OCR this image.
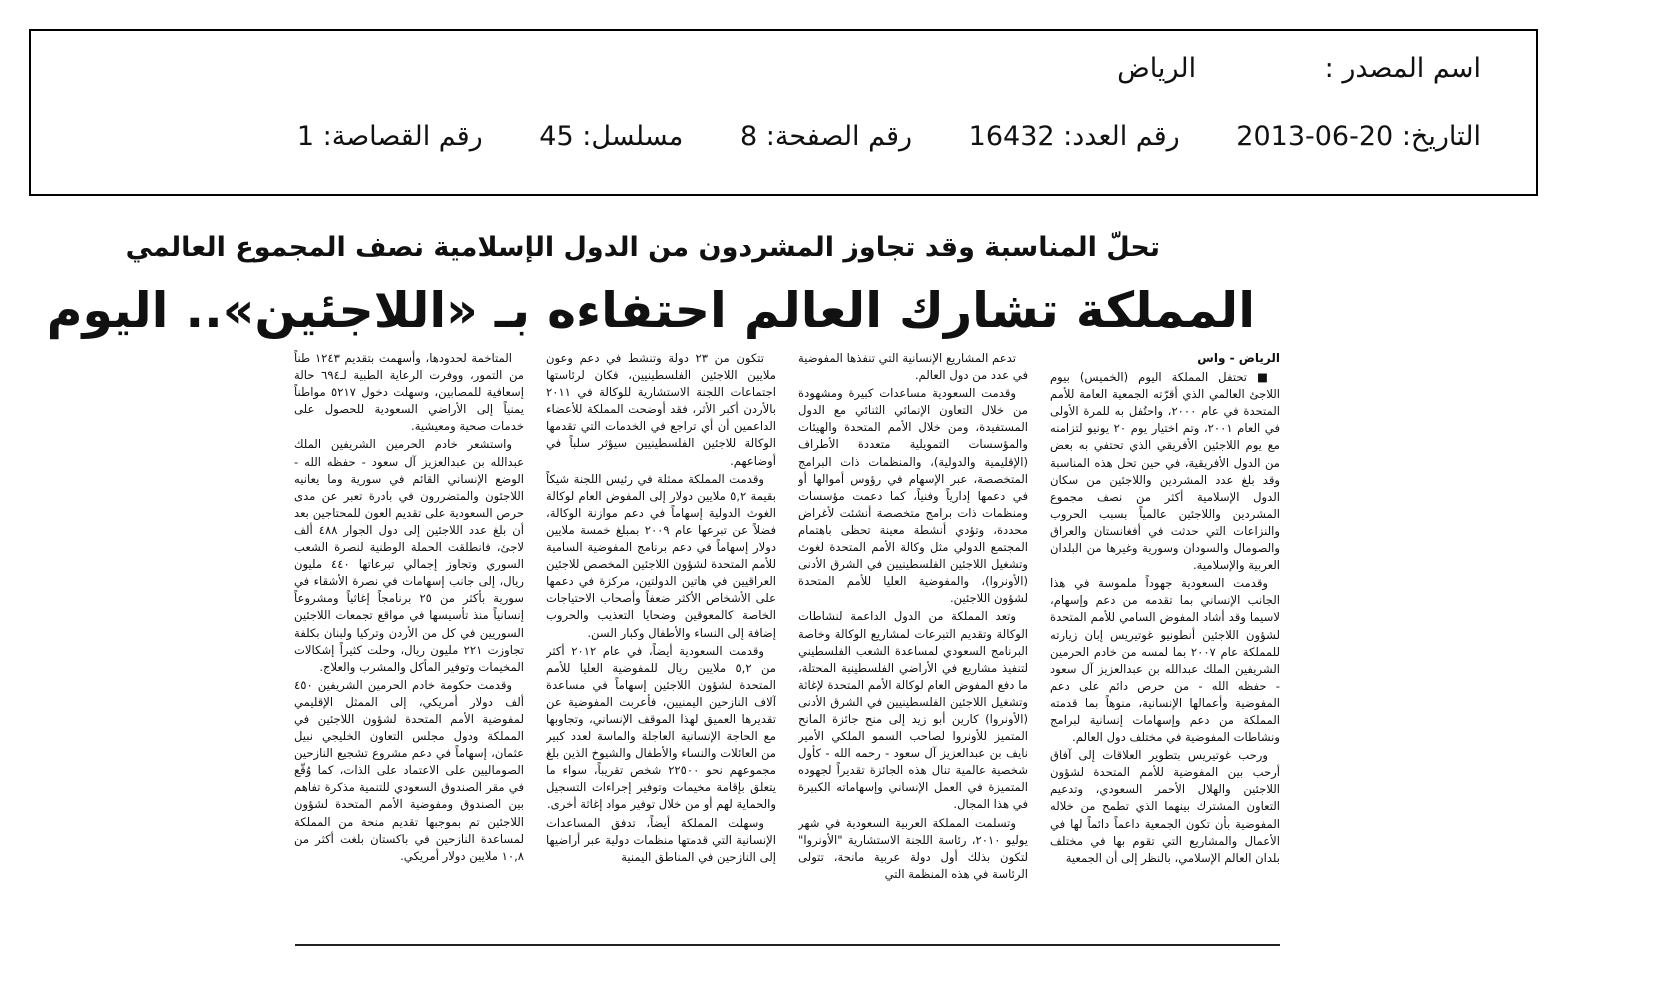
اسم المصدر : الرياض
التاريخ: 2013-06-20 رقم العدد: 16432 رقم الصفحة: 8 مسلسل: 45 رقم القصاصة: 1
تحلّ المناسبة وقد تجاوز المشردون من الدول الإسلامية نصف المجموع العالمي
المملكة تشارك العالم احتفاءه بـ «اللاجئين».. اليوم

الرياض - واس

■ تحتفل المملكة اليوم (الخميس) بيوم اللاجئ العالمي الذي أقرّته الجمعية العامة للأمم المتحدة في عام ٢٠٠٠، واحتُفل به للمرة الأولى في العام ٢٠٠١، وتم اختيار يوم ٢٠ يونيو لتزامنه مع يوم اللاجئين الأفريقي الذي تحتفي به بعض من الدول الأفريقية، في حين تحل هذه المناسبة وقد بلغ عدد المشردين واللاجئين من سكان الدول الإسلامية أكثر من نصف مجموع المشردين واللاجئين عالمياً بسبب الحروب والنزاعات التي حدثت في أفغانستان والعراق والصومال والسودان وسورية وغيرها من البلدان العربية والإسلامية.

وقدمت السعودية جهوداً ملموسة في هذا الجانب الإنساني بما تقدمه من دعم وإسهام، لاسيما وقد أشاد المفوض السامي للأمم المتحدة لشؤون اللاجئين أنطونيو غوتيريس إبان زيارته للمملكة عام ٢٠٠٧ بما لمسه من خادم الحرمين الشريفين الملك عبدالله بن عبدالعزيز آل سعود - حفظه الله - من حرص دائم على دعم المفوضية وأعمالها الإنسانية، منوهاً بما قدمته المملكة من دعم وإسهامات إنسانية لبرامج ونشاطات المفوضية في مختلف دول العالم.

ورحب غوتيريس بتطوير العلاقات إلى آفاق أرحب بين المفوضية للأمم المتحدة لشؤون اللاجئين والهلال الأحمر السعودي، وتدعيم التعاون المشترك بينهما الذي تطمح من خلاله المفوضية بأن تكون الجمعية داعماً دائماً لها في الأعمال والمشاريع التي تقوم بها في مختلف بلدان العالم الإسلامي، بالنظر إلى أن الجمعية

تدعم المشاريع الإنسانية التي تنفذها المفوضية في عدد من دول العالم.

وقدمت السعودية مساعدات كبيرة ومشهودة من خلال التعاون الإنمائي الثنائي مع الدول المستفيدة، ومن خلال الأمم المتحدة والهيئات والمؤسسات التمويلية متعددة الأطراف (الإقليمية والدولية)، والمنظمات ذات البرامج المتخصصة، عبر الإسهام في رؤوس أموالها أو في دعمها إدارياً وفنياً، كما دعمت مؤسسات ومنظمات ذات برامج متخصصة أنشئت لأغراض محددة، وتؤدي أنشطة معينة تحظى باهتمام المجتمع الدولي مثل وكالة الأمم المتحدة لغوث وتشغيل اللاجئين الفلسطينيين في الشرق الأدنى (الأونروا)، والمفوضية العليا للأمم المتحدة لشؤون اللاجئين.

وتعد المملكة من الدول الداعمة لنشاطات الوكالة وتقديم التبرعات لمشاريع الوكالة وخاصة البرنامج السعودي لمساعدة الشعب الفلسطيني لتنفيذ مشاريع في الأراضي الفلسطينية المحتلة، ما دفع المفوض العام لوكالة الأمم المتحدة لإغاثة وتشغيل اللاجئين الفلسطينيين في الشرق الأدنى (الأونروا) كارين أبو زيد إلى منح جائزة المانح المتميز للأونروا لصاحب السمو الملكي الأمير نايف بن عبدالعزيز آل سعود - رحمه الله - كأول شخصية عالمية تنال هذه الجائزة تقديراً لجهوده المتميزة في العمل الإنساني وإسهاماته الكبيرة في هذا المجال.

وتسلمت المملكة العربية السعودية في شهر يوليو ٢٠١٠، رئاسة اللجنة الاستشارية "الأونروا" لتكون بذلك أول دولة عربية مانحة، تتولى الرئاسة في هذه المنظمة التي

تتكون من ٢٣ دولة وتنشط في دعم وعون ملايين اللاجئين الفلسطينيين، فكان لرئاستها اجتماعات اللجنة الاستشارية للوكالة في ٢٠١١ بالأردن أكبر الأثر، فقد أوضحت المملكة للأعضاء الداعمين أن أي تراجع في الخدمات التي تقدمها الوكالة للاجئين الفلسطينيين سيؤثر سلباً في أوضاعهم.

وقدمت المملكة ممثلة في رئيس اللجنة شيكاً بقيمة ٥,٢ ملايين دولار إلى المفوض العام لوكالة الغوث الدولية إسهاماً في دعم موازنة الوكالة، فضلاً عن تبرعها عام ٢٠٠٩ بمبلغ خمسة ملايين دولار إسهاماً في دعم برنامج المفوضية السامية للأمم المتحدة لشؤون اللاجئين المخصص للاجئين العراقيين في هاتين الدولتين، مركزة في دعمها على الأشخاص الأكثر ضعفاً وأصحاب الاحتياجات الخاصة كالمعوقين وضحايا التعذيب والحروب إضافة إلى النساء والأطفال وكبار السن.

وقدمت السعودية أيضاً، في عام ٢٠١٢ أكثر من ٥,٢ ملايين ريال للمفوضية العليا للأمم المتحدة لشؤون اللاجئين إسهاماً في مساعدة آلاف النازحين اليمنيين، فأعربت المفوضية عن تقديرها العميق لهذا الموقف الإنساني، وتجاوبها مع الحاجة الإنسانية العاجلة والماسة لعدد كبير من العائلات والنساء والأطفال والشيوخ الذين بلغ مجموعهم نحو ٢٢٥٠٠ شخص تقريباً، سواء ما يتعلق بإقامة مخيمات وتوفير إجراءات التسجيل والحماية لهم أو من خلال توفير مواد إغاثة أخرى.

وسهلت المملكة أيضاً، تدفق المساعدات الإنسانية التي قدمتها منظمات دولية عبر أراضيها إلى النازحين في المناطق اليمنية

المتاخمة لحدودها، وأسهمت بتقديم ١٢٤٣ طناً من التمور، ووفرت الرعاية الطبية لـ٦٩٤ حالة إسعافية للمصابين، وسهلت دخول ٥٢١٧ مواطناً يمنياً إلى الأراضي السعودية للحصول على خدمات صحية ومعيشية.

واستشعر خادم الحرمين الشريفين الملك عبدالله بن عبدالعزيز آل سعود - حفظه الله - الوضع الإنساني القائم في سورية وما يعانيه اللاجئون والمتضررون في بادرة تعبر عن مدى حرص السعودية على تقديم العون للمحتاجين بعد أن بلغ عدد اللاجئين إلى دول الجوار ٤٨٨ ألف لاجئ، فانطلقت الحملة الوطنية لنصرة الشعب السوري وتجاوز إجمالي تبرعاتها ٤٤٠ مليون ريال، إلى جانب إسهامات في نصرة الأشقاء في سورية بأكثر من ٢٥ برنامجاً إغاثياً ومشروعاً إنسانياً منذ تأسيسها في مواقع تجمعات اللاجئين السوريين في كل من الأردن وتركيا ولبنان بكلفة تجاوزت ٢٢١ مليون ريال، وحلت كثيراً إشكالات المخيمات وتوفير المأكل والمشرب والعلاج.

وقدمت حكومة خادم الحرمين الشريفين ٤٥٠ ألف دولار أمريكي، إلى الممثل الإقليمي لمفوضية الأمم المتحدة لشؤون اللاجئين في المملكة ودول مجلس التعاون الخليجي نبيل عثمان، إسهاماً في دعم مشروع تشجيع النازحين الصوماليين على الاعتماد على الذات، كما وُقّع في مقر الصندوق السعودي للتنمية مذكرة تفاهم بين الصندوق ومفوضية الأمم المتحدة لشؤون اللاجئين تم بموجبها تقديم منحة من المملكة لمساعدة النازحين في باكستان بلغت أكثر من ١٠,٨ ملايين دولار أمريكي.
